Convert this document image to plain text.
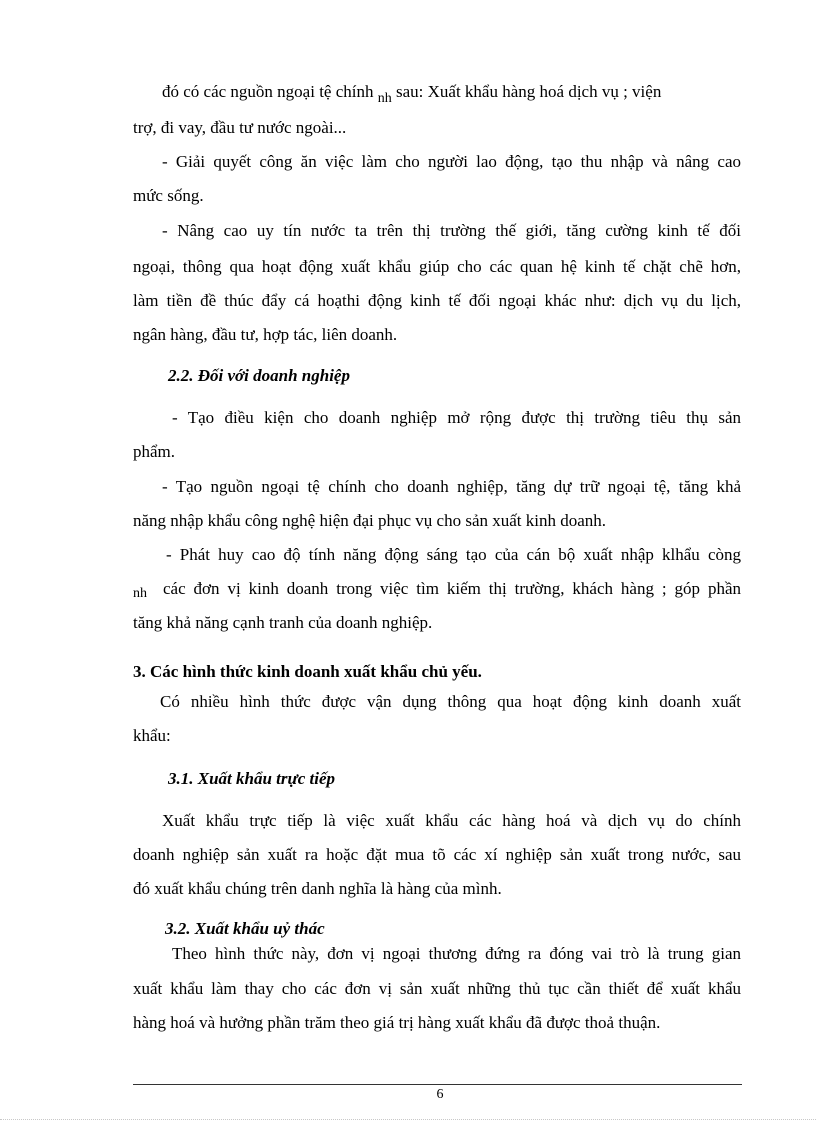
đó có các nguồn ngoại tệ chính $_{nh}$ sau: Xuất khẩu hàng hoá dịch vụ ; viện
trợ, đi vay, đầu tư nước ngoài...
- Giải quyết công ăn việc làm cho người lao động, tạo thu nhập và nâng cao
mức sống.
- Nâng cao uy tín nước ta trên thị trường thế giới, tăng cường kinh tế đối
ngoại, thông qua hoạt động xuất khẩu giúp cho các quan hệ kinh tế chặt chẽ hơn,
làm tiền đề thúc đẩy cá hoạthi động kinh tế đối ngoại khác như: dịch vụ du lịch,
ngân hàng, đầu tư, hợp tác, liên doanh.
2.2. Đối với doanh nghiệp
- Tạo điều kiện cho doanh nghiệp mở rộng được thị trường tiêu thụ sản
phẩm.
- Tạo nguồn ngoại tệ chính cho doanh nghiệp, tăng dự trữ ngoại tệ, tăng khả
năng nhập khẩu công nghệ hiện đại phục vụ cho sản xuất kinh doanh.
- Phát huy cao độ tính năng động sáng tạo của cán bộ xuất nhập klhẩu còng
nh các đơn vị kinh doanh trong việc tìm kiếm thị trường, khách hàng ; góp phần
tăng khả năng cạnh tranh của doanh nghiệp.
3. Các hình thức kinh doanh xuất khẩu chủ yếu.
Có nhiều hình thức được vận dụng thông qua hoạt động kinh doanh xuất
khẩu:
3.1. Xuất khẩu trực tiếp
Xuất khẩu trực tiếp là việc xuất khẩu các hàng hoá và dịch vụ do chính
doanh nghiệp sản xuất ra hoặc đặt mua tõ các xí nghiệp sản xuất trong nước, sau
đó xuất khẩu chúng trên danh nghĩa là hàng của mình.
3.2. Xuất khẩu uỷ thác
Theo hình thức này, đơn vị ngoại thương đứng ra đóng vai trò là trung gian
xuất khẩu làm thay cho các đơn vị sản xuất những thủ tục cần thiết để xuất khẩu
hàng hoá và hưởng phần trăm theo giá trị hàng xuất khẩu đã được thoả thuận.
6
